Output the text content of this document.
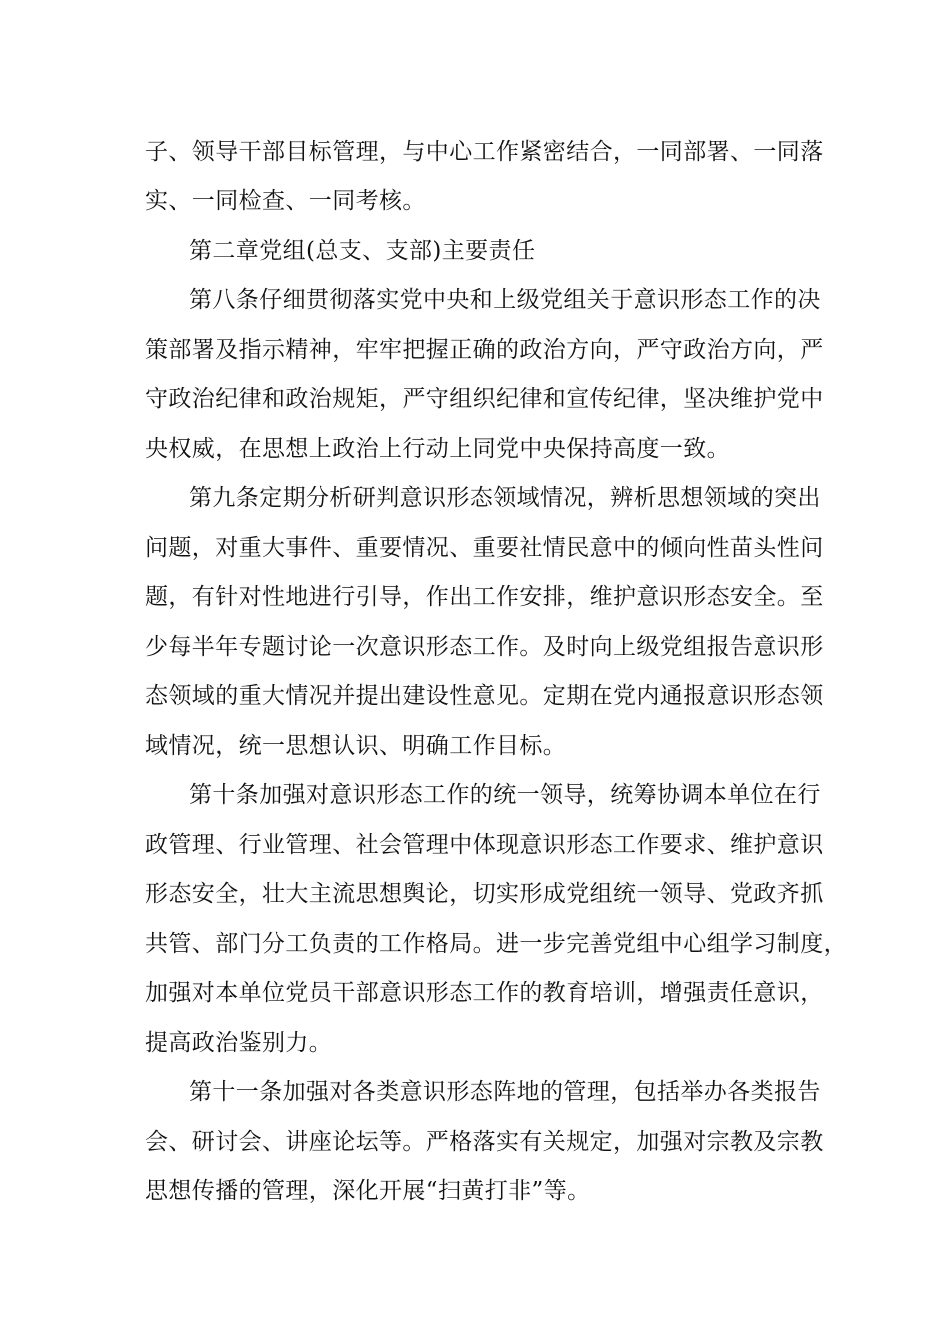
子、领导干部目标管理，与中心工作紧密结合，一同部署、一同落

实、一同检查、一同考核。

第二章党组(总支、支部)主要责任

第八条仔细贯彻落实党中央和上级党组关于意识形态工作的决

策部署及指示精神，牢牢把握正确的政治方向，严守政治方向，严

守政治纪律和政治规矩，严守组织纪律和宣传纪律，坚决维护党中

央权威，在思想上政治上行动上同党中央保持高度一致。

第九条定期分析研判意识形态领域情况，辨析思想领域的突出

问题，对重大事件、重要情况、重要社情民意中的倾向性苗头性问

题，有针对性地进行引导，作出工作安排，维护意识形态安全。至

少每半年专题讨论一次意识形态工作。及时向上级党组报告意识形

态领域的重大情况并提出建设性意见。定期在党内通报意识形态领

域情况，统一思想认识、明确工作目标。

第十条加强对意识形态工作的统一领导，统筹协调本单位在行

政管理、行业管理、社会管理中体现意识形态工作要求、维护意识

形态安全，壮大主流思想舆论，切实形成党组统一领导、党政齐抓

共管、部门分工负责的工作格局。进一步完善党组中心组学习制度，

加强对本单位党员干部意识形态工作的教育培训，增强责任意识，

提高政治鉴别力。

第十一条加强对各类意识形态阵地的管理，包括举办各类报告

会、研讨会、讲座论坛等。严格落实有关规定，加强对宗教及宗教

思想传播的管理，深化开展“扫黄打非”等。
